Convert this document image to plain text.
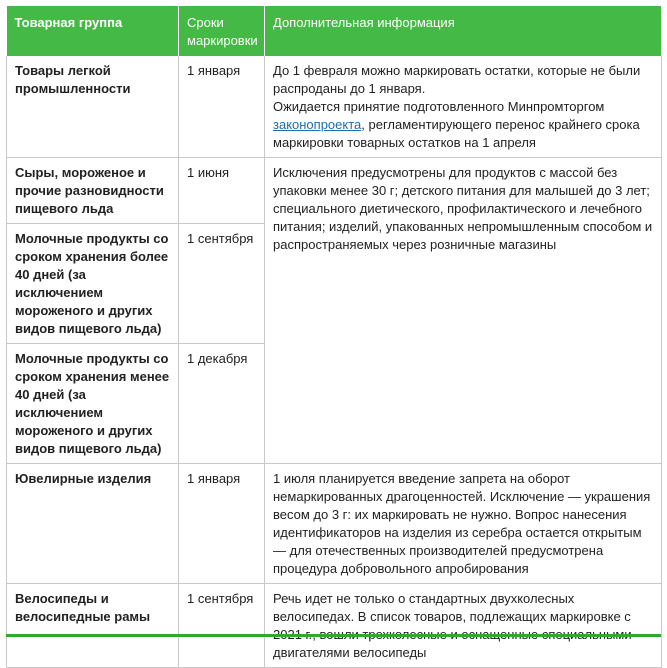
Товарная группа	Сроки маркировки	Дополнительная информация
Товары легкой промышленности	1 января	До 1 февраля можно маркировать остатки, которые не были распроданы до 1 января.
Ожидается принятие подготовленного Минпромторгом законопроекта, регламентирующего перенос крайнего срока маркировки товарных остатков на 1 апреля

Сыры, мороженое и прочие разновидности пищевого льда	1 июня	Исключения предусмотрены для продуктов с массой без упаковки менее 30 г; детского питания для малышей до 3 лет; специального диетического, профилактического и лечебного питания; изделий, упакованных непромышленным способом и распространяемых через розничные магазины
Молочные продукты со сроком хранения более 40 дней (за исключением мороженого и других видов пищевого льда)	1 сентября	
Молочные продукты со сроком хранения менее 40 дней (за исключением мороженого и других видов пищевого льда)	1 декабря	
Ювелирные изделия	1 января	1 июля планируется введение запрета на оборот немаркированных драгоценностей. Исключение — украшения весом до 3 г: их маркировать не нужно. Вопрос нанесения идентификаторов на изделия из серебра остается открытым — для отечественных производителей предусмотрена процедура добровольного апробирования
Велосипеды и велосипедные рамы	1 сентября	Речь идет не только о стандартных двухколесных велосипедах. В список товаров, подлежащих маркировке с двигателями велосипеды
